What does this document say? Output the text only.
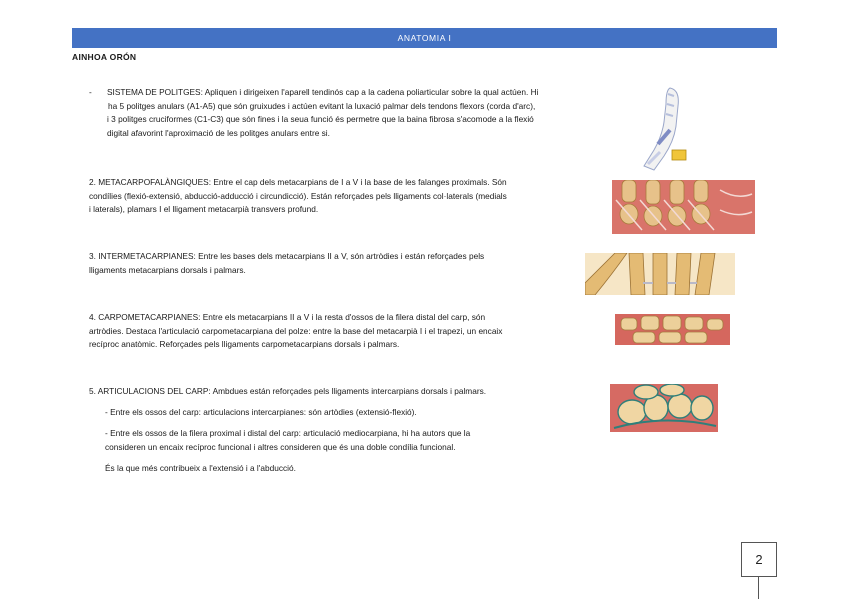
ANATOMIA I
AINHOA ORÓN
- SISTEMA DE POLITGES: Apliquen i dirigeixen l'aparell tendinós cap a la cadena poliarticular sobre la qual actúen. Hi

ha 5 politges anulars (A1-A5) que són gruixudes i actúen evitant la luxació palmar dels tendons flexors (corda d'arc),

i 3 politges cruciformes (C1-C3) que són fines i la seua funció és permetre que la baina fibrosa s'acomode a la flexió

digital afavorint l'aproximació de les politges anulars entre si.

2. METACARPOFALÀNGIQUES: Entre el cap dels metacarpians de I a V i la base de les falanges proximals. Són

condílies (flexió-extensió, abducció-adducció i circundicció). Están reforçades pels lligaments col·laterals (medials

i laterals), plamars I el lligament metacarpià transvers profund.

3. INTERMETACARPIANES: Entre les bases dels metacarpians II a V, són artròdies i están reforçades pels

lligaments metacarpians dorsals i palmars.

4. CARPOMETACARPIANES: Entre els metacarpians II a V i la resta d'ossos de la filera distal del carp, són

artròdies. Destaca l'articulació carpometacarpiana del polze: entre la base del metacarpià I i el trapezi, un encaix

recíproc anatòmic. Reforçades pels lligaments carpometacarpians dorsals i palmars.

5. ARTICULACIONS DEL CARP: Ambdues están reforçades pels lligaments intercarpians dorsals i palmars.

- Entre els ossos del carp: articulacions intercarpianes: són artòdies (extensió-flexió).

- Entre els ossos de la filera proximal i distal del carp: articulació mediocarpiana, hi ha autors que la

consideren un encaix recíproc funcional i altres consideren que és una doble condília funcional.

És la que més contribueix a l'extensió i a l'abducció.

2
